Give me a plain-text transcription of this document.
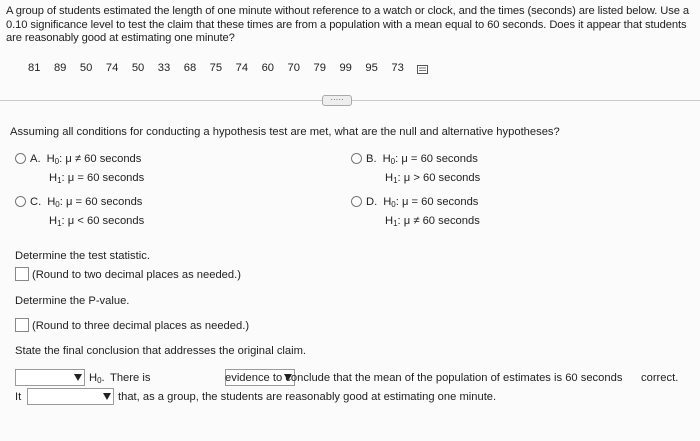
A group of students estimated the length of one minute without reference to a watch or clock, and the times (seconds) are listed below. Use a 0.10 significance level to test the claim that these times are from a population with a mean equal to 60 seconds. Does it appear that students are reasonably good at estimating one minute?
81 89 50 74 50 33 68 75 74 60 70 79 99 95 73
·····
Assuming all conditions for conducting a hypothesis test are met, what are the null and alternative hypotheses?
A. $H_0$: μ ≠ 60 seconds
$H_1$: μ = 60 seconds
B. $H_0$: μ = 60 seconds
$H_1$: μ > 60 seconds
C. $H_0$: μ = 60 seconds
$H_1$: μ < 60 seconds
D. $H_0$: μ = 60 seconds
$H_1$: μ ≠ 60 seconds
Determine the test statistic.
(Round to two decimal places as needed.)
Determine the P-value.
(Round to three decimal places as needed.)
State the final conclusion that addresses the original claim.

$H_0$. There is
	evidence to conclude that the mean of the population of estimates is 60 seconds correct.
It	that, as a group, the students are reasonably good at estimating one minute.
